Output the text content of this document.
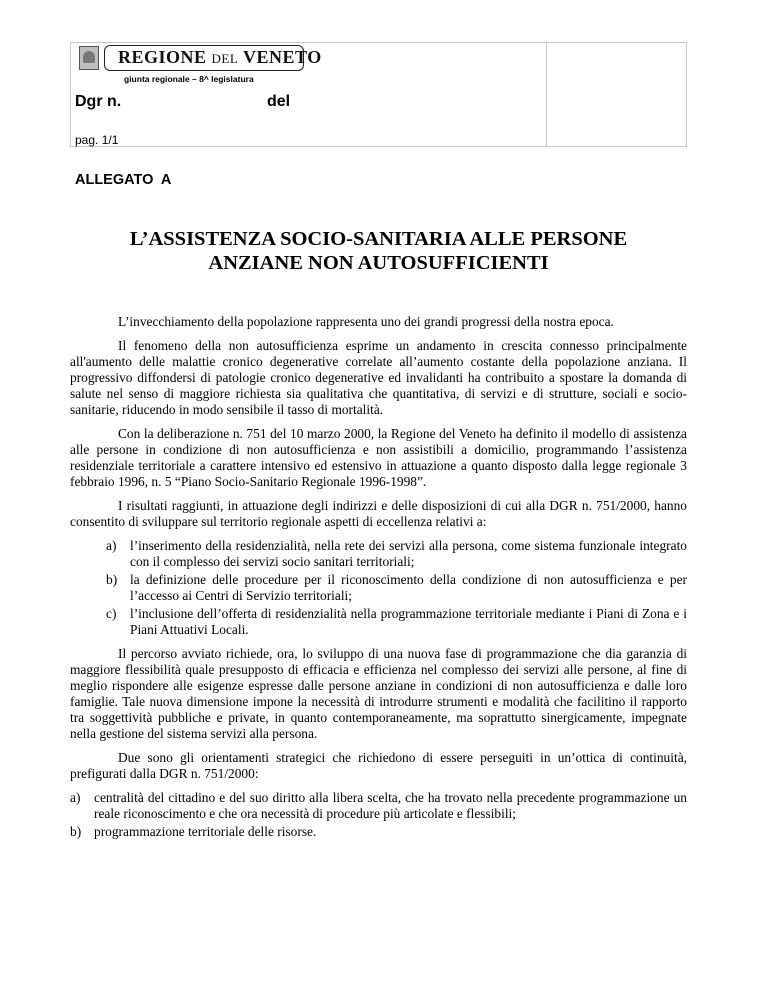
REGIONE DEL VENETO
giunta regionale – 8^ legislatura
Dgr n.	del
pag. 1/1
ALLEGATO  A
L’ASSISTENZA SOCIO-SANITARIA ALLE PERSONE
ANZIANE NON AUTOSUFFICIENTI

L’invecchiamento della popolazione rappresenta uno dei grandi progressi della nostra epoca.

Il fenomeno della non autosufficienza esprime un andamento in crescita connesso principalmente all'aumento delle malattie cronico degenerative correlate all’aumento costante della popolazione anziana. Il progressivo diffondersi di patologie cronico degenerative ed invalidanti ha contribuito a spostare la domanda di salute nel senso di maggiore richiesta sia qualitativa che quantitativa, di servizi e di strutture, sociali e socio-sanitarie, riducendo in modo sensibile il tasso di mortalità.

Con la deliberazione n. 751 del 10 marzo 2000, la Regione del Veneto ha definito il modello di assistenza alle persone in condizione di non autosufficienza e non assistibili a domicilio, programmando l’assistenza residenziale territoriale a carattere intensivo ed estensivo in attuazione a quanto disposto dalla legge regionale 3 febbraio 1996, n. 5 “Piano Socio-Sanitario Regionale 1996-1998”.

I risultati raggiunti, in attuazione degli indirizzi e delle disposizioni di cui alla DGR n. 751/2000, hanno consentito di sviluppare sul territorio regionale aspetti di eccellenza relativi a:

a) l’inserimento della residenzialità, nella rete dei servizi alla persona, come sistema funzionale integrato con il complesso dei servizi socio sanitari territoriali;
b) la definizione delle procedure per il riconoscimento della condizione di non autosufficienza e per l’accesso ai Centri di Servizio territoriali;
c) l’inclusione dell’offerta di residenzialità nella programmazione territoriale mediante i Piani di Zona e i Piani Attuativi Locali.

Il percorso avviato richiede, ora, lo sviluppo di una nuova fase di programmazione che dia garanzia di maggiore flessibilità quale presupposto di efficacia e efficienza nel complesso dei servizi alle persone, al fine di meglio rispondere alle esigenze espresse dalle persone anziane in condizioni di non autosufficienza e dalle loro famiglie. Tale nuova dimensione impone la necessità di introdurre strumenti e modalità che facilitino il rapporto tra soggettività pubbliche e private, in quanto contemporaneamente, ma soprattutto sinergicamente, impegnate nella gestione del sistema servizi alla persona.

Due sono gli orientamenti strategici che richiedono di essere perseguiti in un’ottica di continuità, prefigurati dalla DGR n. 751/2000:

a) centralità del cittadino e del suo diritto alla libera scelta, che ha trovato nella precedente programmazione un reale riconoscimento e che ora necessità di procedure più articolate e flessibili;
b) programmazione territoriale delle risorse.
